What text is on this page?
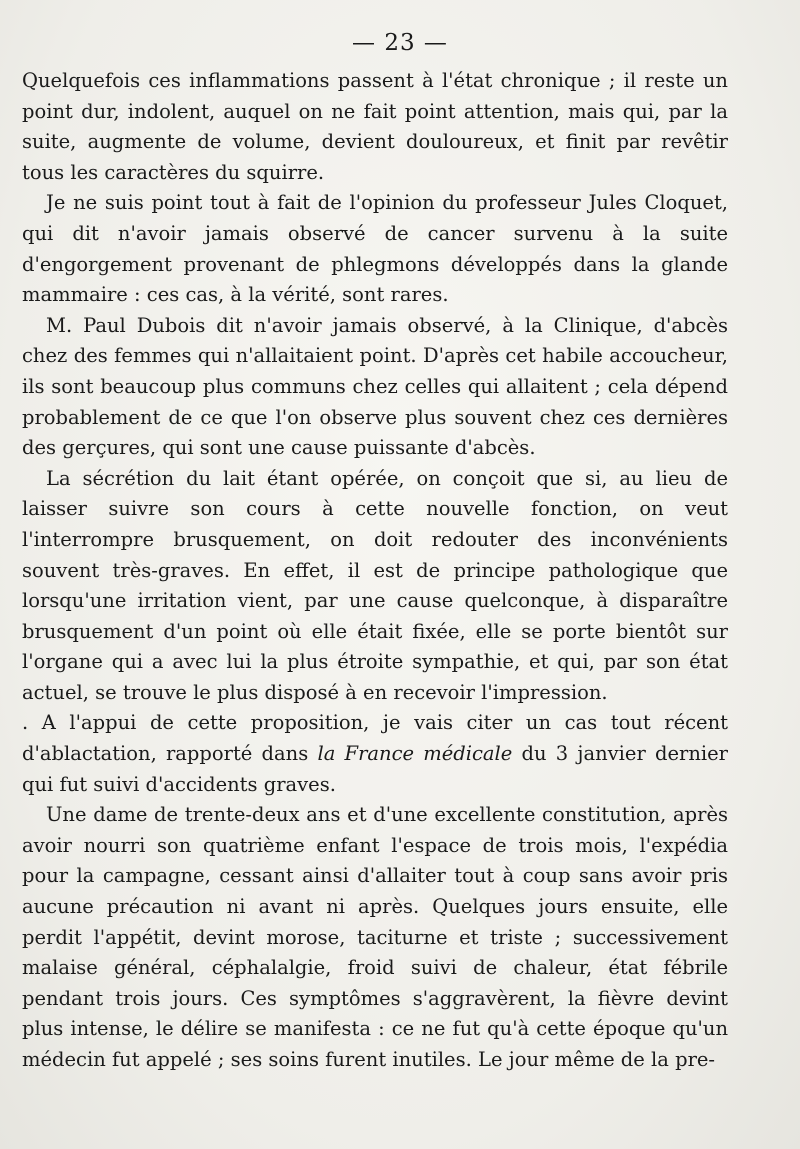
— 23 —

Quelquefois ces inflammations passent à l'état chronique ; il reste un point dur, indolent, auquel on ne fait point attention, mais qui, par la suite, augmente de volume, devient douloureux, et finit par revêtir tous les caractères du squirre.

Je ne suis point tout à fait de l'opinion du professeur Jules Cloquet, qui dit n'avoir jamais observé de cancer survenu à la suite d'engorgement provenant de phlegmons développés dans la glande mammaire : ces cas, à la vérité, sont rares.

M. Paul Dubois dit n'avoir jamais observé, à la Clinique, d'abcès chez des femmes qui n'allaitaient point. D'après cet habile accoucheur, ils sont beaucoup plus communs chez celles qui allaitent ; cela dépend probablement de ce que l'on observe plus souvent chez ces dernières des gerçures, qui sont une cause puissante d'abcès.

La sécrétion du lait étant opérée, on conçoit que si, au lieu de laisser suivre son cours à cette nouvelle fonction, on veut l'interrompre brusquement, on doit redouter des inconvénients souvent très-graves. En effet, il est de principe pathologique que lorsqu'une irritation vient, par une cause quelconque, à disparaître brusquement d'un point où elle était fixée, elle se porte bientôt sur l'organe qui a avec lui la plus étroite sympathie, et qui, par son état actuel, se trouve le plus disposé à en recevoir l'impression.

. A l'appui de cette proposition, je vais citer un cas tout récent d'ablactation, rapporté dans la France médicale du 3 janvier dernier qui fut suivi d'accidents graves.

Une dame de trente-deux ans et d'une excellente constitution, après avoir nourri son quatrième enfant l'espace de trois mois, l'expédia pour la campagne, cessant ainsi d'allaiter tout à coup sans avoir pris aucune précaution ni avant ni après. Quelques jours ensuite, elle perdit l'appétit, devint morose, taciturne et triste ; successivement malaise général, céphalalgie, froid suivi de chaleur, état fébrile pendant trois jours. Ces symptômes s'aggravèrent, la fièvre devint plus intense, le délire se manifesta : ce ne fut qu'à cette époque qu'un médecin fut appelé ; ses soins furent inutiles. Le jour même de la pre-
